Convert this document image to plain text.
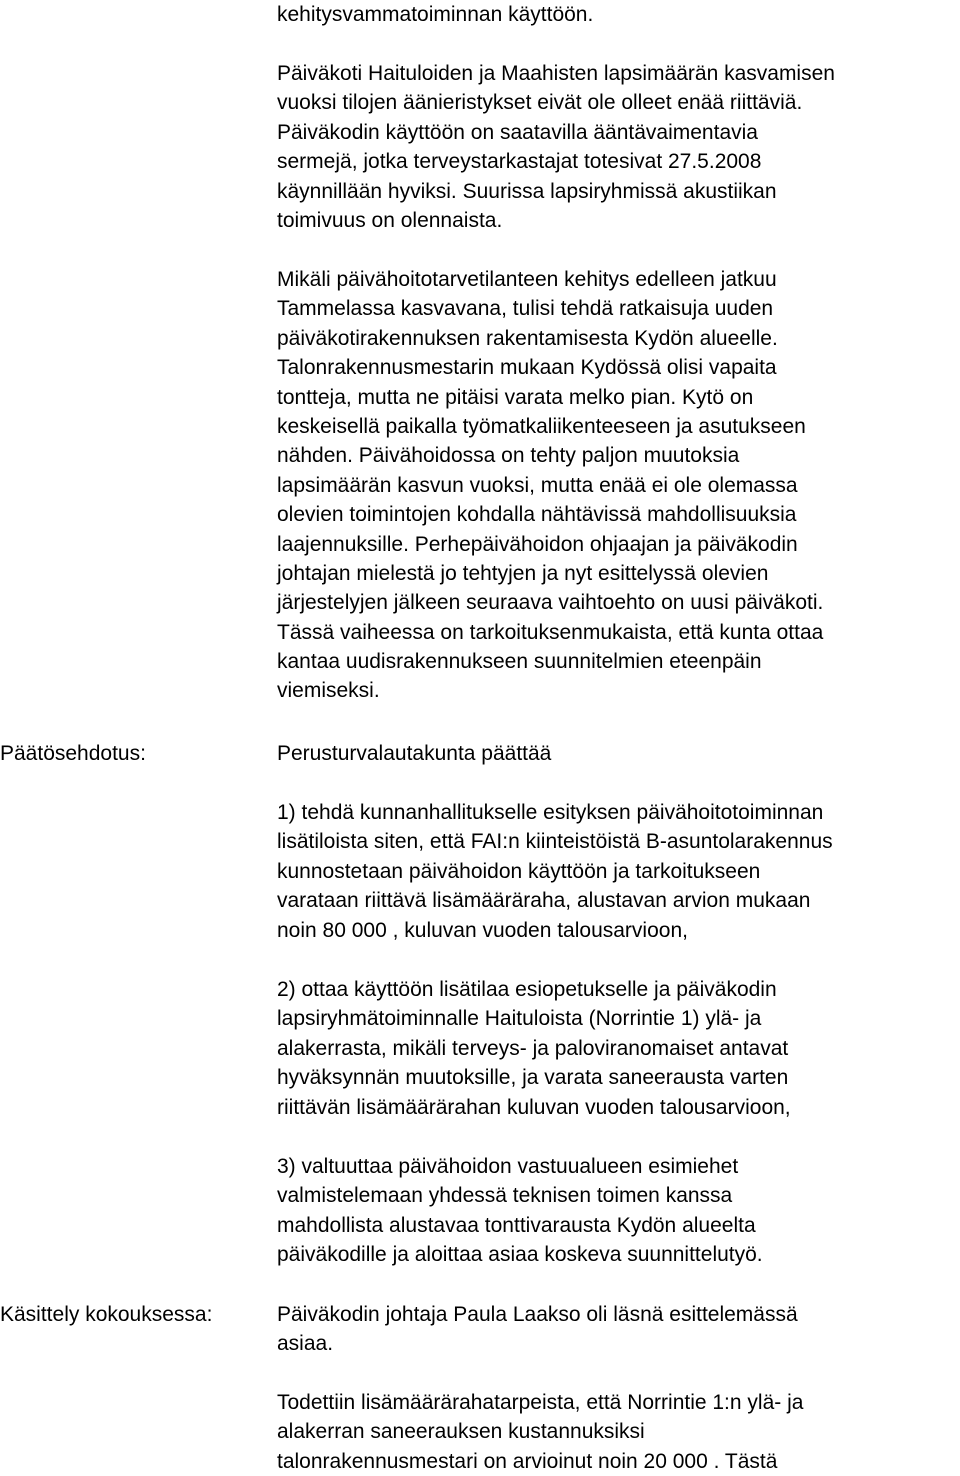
kehitysvammatoiminnan käyttöön.
Päiväkoti Haituloiden ja Maahisten lapsimäärän kasvamisen
vuoksi tilojen äänieristykset eivät ole olleet enää riittäviä.
Päiväkodin käyttöön on saatavilla ääntävaimentavia
sermejä, jotka terveystarkastajat totesivat 27.5.2008
käynnillään hyviksi. Suurissa lapsiryhmissä akustiikan
toimivuus on olennaista.
Mikäli päivähoitotarvetilanteen kehitys edelleen jatkuu
Tammelassa kasvavana, tulisi tehdä ratkaisuja uuden
päiväkotirakennuksen rakentamisesta Kydön alueelle.
Talonrakennusmestarin mukaan Kydössä olisi vapaita
tontteja, mutta ne pitäisi varata melko pian. Kytö on
keskeisellä paikalla työmatkaliikenteeseen ja asutukseen
nähden. Päivähoidossa on tehty paljon muutoksia
lapsimäärän kasvun vuoksi, mutta enää ei ole olemassa
olevien toimintojen kohdalla nähtävissä mahdollisuuksia
laajennuksille. Perhepäivähoidon ohjaajan ja päiväkodin
johtajan mielestä jo tehtyjen ja nyt esittelyssä olevien
järjestelyjen jälkeen seuraava vaihtoehto on uusi päiväkoti.
Tässä vaiheessa on tarkoituksenmukaista, että kunta ottaa
kantaa uudisrakennukseen suunnitelmien eteenpäin
viemiseksi.
Päätösehdotus:	Perusturvalautakunta päättää
1) tehdä kunnanhallitukselle esityksen päivähoitotoiminnan
lisätiloista siten, että FAI:n kiinteistöistä B-asuntolarakennus
kunnostetaan päivähoidon käyttöön ja tarkoitukseen
varataan riittävä lisämääräraha, alustavan arvion mukaan
noin 80 000 , kuluvan vuoden talousarvioon,
2) ottaa käyttöön lisätilaa esiopetukselle ja päiväkodin
lapsiryhmätoiminnalle Haituloista (Norrintie 1) ylä- ja
alakerrasta, mikäli terveys- ja paloviranomaiset antavat
hyväksynnän muutoksille, ja varata saneerausta varten
riittävän lisämäärärahan kuluvan vuoden talousarvioon,
3) valtuuttaa päivähoidon vastuualueen esimiehet
valmistelemaan yhdessä teknisen toimen kanssa
mahdollista alustavaa tonttivarausta Kydön alueelta
päiväkodille ja aloittaa asiaa koskeva suunnittelutyö.
Käsittely kokouksessa:	Päiväkodin johtaja Paula Laakso oli läsnä esittelemässä
asiaa.
Todettiin lisämäärärahatarpeista, että Norrintie 1:n ylä- ja
alakerran saneerauksen kustannuksiksi
talonrakennusmestari on arvioinut noin 20 000 . Tästä
